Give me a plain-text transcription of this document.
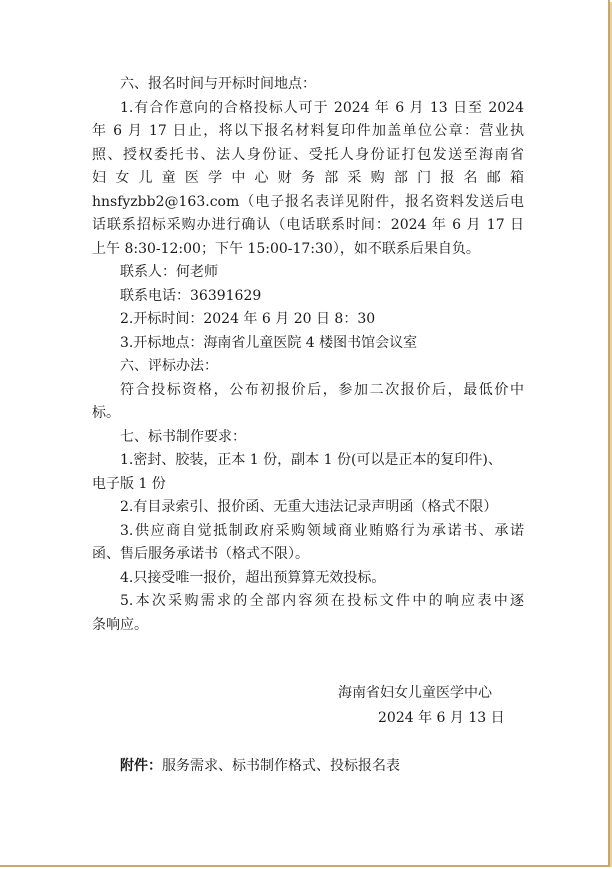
六、报名时间与开标时间地点：
1.有合作意向的合格投标人可于 2024 年 6 月 13 日至 2024
年 6 月 17 日止，将以下报名材料复印件加盖单位公章：营业执
照、授权委托书、法人身份证、受托人身份证打包发送至海南省
妇女儿童医学中心财务部采购部门报名邮箱
hnsfyzbb2@163.com（电子报名表详见附件，报名资料发送后电
话联系招标采购办进行确认（电话联系时间：2024 年 6 月 17 日
上午 8:30-12:00；下午 15:00-17:30），如不联系后果自负。
联系人：何老师
联系电话：36391629
2.开标时间：2024 年 6 月 20 日 8：30
3.开标地点：海南省儿童医院 4 楼图书馆会议室
六、评标办法：
符合投标资格，公布初报价后，参加二次报价后，最低价中
标。
七、标书制作要求：
1.密封、胶装，正本 1 份，副本 1 份(可以是正本的复印件)、
电子版 1 份
2.有目录索引、报价函、无重大违法记录声明函（格式不限）
3.供应商自觉抵制政府采购领域商业贿赂行为承诺书、承诺
函、售后服务承诺书（格式不限）。
4.只接受唯一报价，超出预算算无效投标。
5.本次采购需求的全部内容须在投标文件中的响应表中逐
条响应。
海南省妇女儿童医学中心
2024 年 6 月 13 日
附件：服务需求、标书制作格式、投标报名表
